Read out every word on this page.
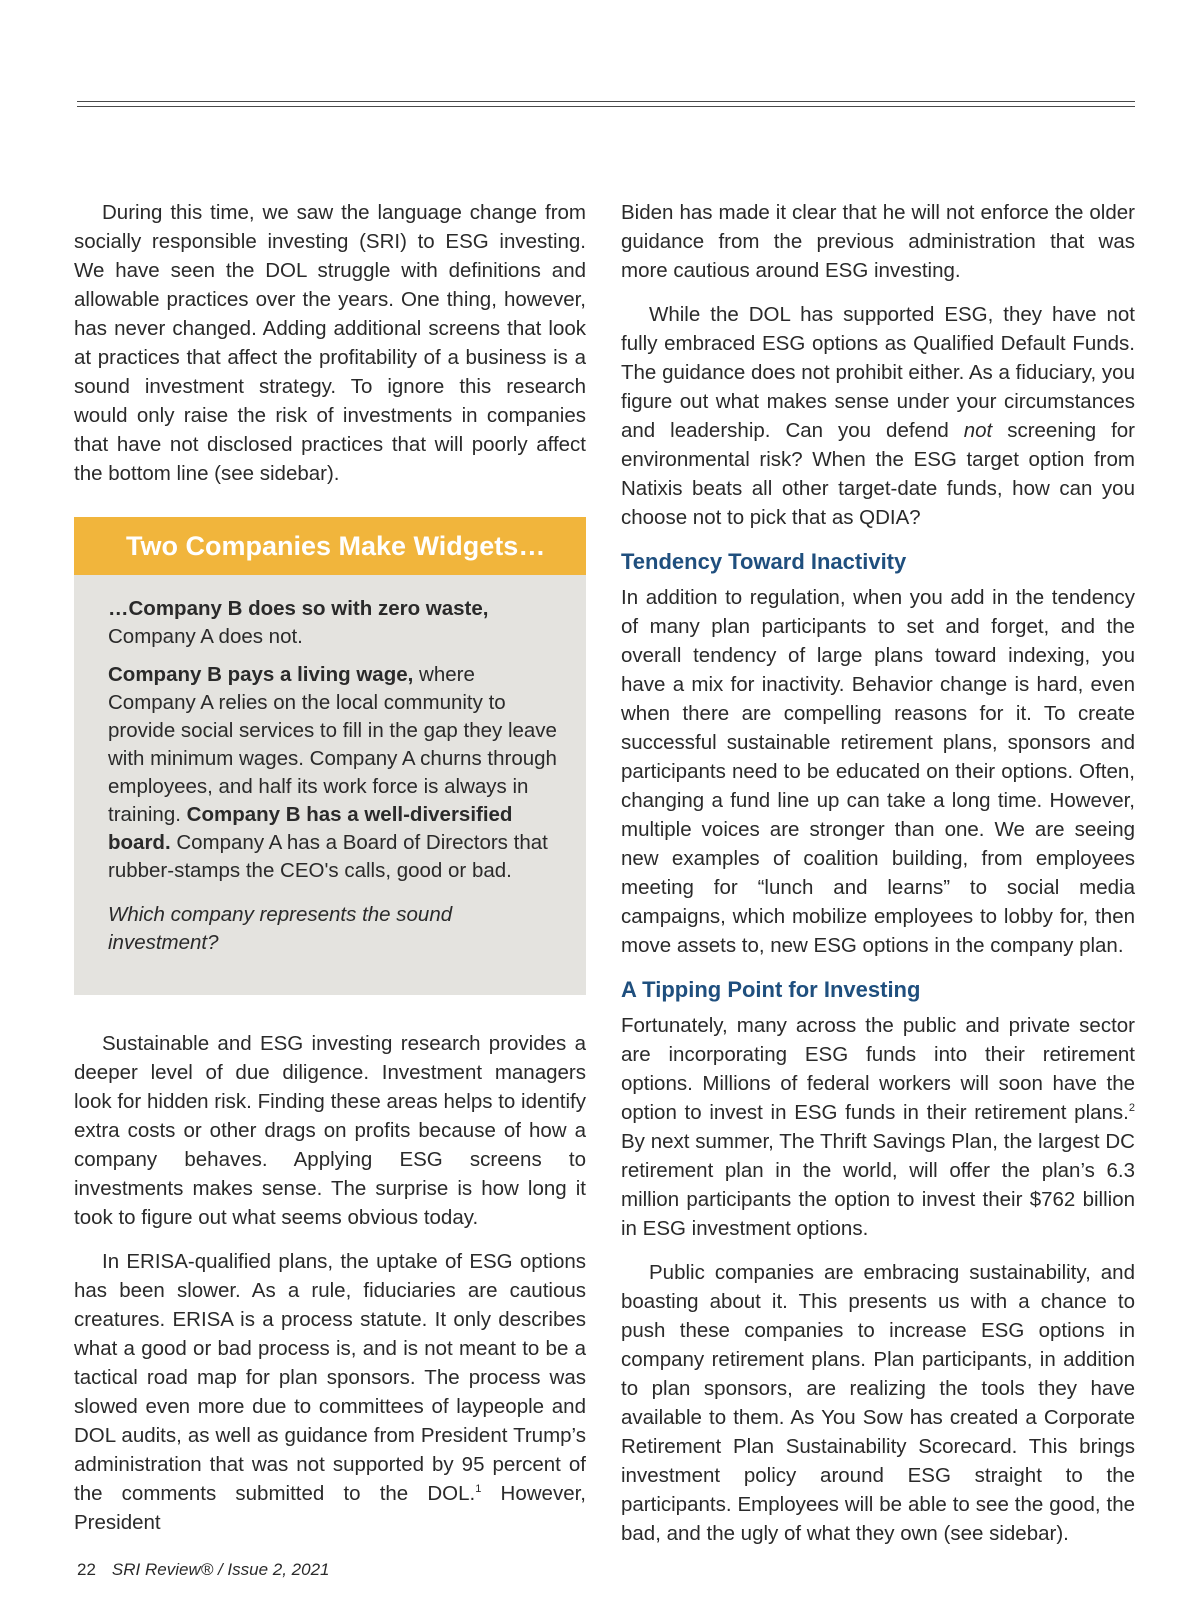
During this time, we saw the language change from socially responsible investing (SRI) to ESG investing. We have seen the DOL struggle with definitions and allowable practices over the years. One thing, however, has never changed. Adding additional screens that look at practices that affect the profitability of a business is a sound investment strategy. To ignore this research would only raise the risk of investments in companies that have not disclosed practices that will poorly affect the bottom line (see sidebar).

Two Companies Make Widgets…

…Company B does so with zero waste, Company A does not.

Company B pays a living wage, where Company A relies on the local community to provide social services to fill in the gap they leave with minimum wages. Company A churns through employees, and half its work force is always in training. Company B has a well-diversified board. Company A has a Board of Directors that rubber-stamps the CEO's calls, good or bad.

Which company represents the sound investment?

Sustainable and ESG investing research provides a deeper level of due diligence. Investment managers look for hidden risk. Finding these areas helps to identify extra costs or other drags on profits because of how a company behaves. Applying ESG screens to investments makes sense. The surprise is how long it took to figure out what seems obvious today.

In ERISA-qualified plans, the uptake of ESG options has been slower. As a rule, fiduciaries are cautious creatures. ERISA is a process statute. It only describes what a good or bad process is, and is not meant to be a tactical road map for plan sponsors. The process was slowed even more due to committees of laypeople and DOL audits, as well as guidance from President Trump’s administration that was not supported by 95 percent of the comments submitted to the DOL.$^1$ However, President

Biden has made it clear that he will not enforce the older guidance from the previous administration that was more cautious around ESG investing.

While the DOL has supported ESG, they have not fully embraced ESG options as Qualified Default Funds. The guidance does not prohibit either. As a fiduciary, you figure out what makes sense under your circumstances and leadership. Can you defend not screening for environmental risk? When the ESG target option from Natixis beats all other target-date funds, how can you choose not to pick that as QDIA?

Tendency Toward Inactivity

In addition to regulation, when you add in the tendency of many plan participants to set and forget, and the overall tendency of large plans toward indexing, you have a mix for inactivity. Behavior change is hard, even when there are compelling reasons for it. To create successful sustainable retirement plans, sponsors and participants need to be educated on their options. Often, changing a fund line up can take a long time. However, multiple voices are stronger than one. We are seeing new examples of coalition building, from employees meeting for “lunch and learns” to social media campaigns, which mobilize employees to lobby for, then move assets to, new ESG options in the company plan.

A Tipping Point for Investing

Fortunately, many across the public and private sector are incorporating ESG funds into their retirement options. Millions of federal workers will soon have the option to invest in ESG funds in their retirement plans.$^2$ By next summer, The Thrift Savings Plan, the largest DC retirement plan in the world, will offer the plan’s 6.3 million participants the option to invest their $762 billion in ESG investment options.

Public companies are embracing sustainability, and boasting about it. This presents us with a chance to push these companies to increase ESG options in company retirement plans. Plan participants, in addition to plan sponsors, are realizing the tools they have available to them. As You Sow has created a Corporate Retirement Plan Sustainability Scorecard. This brings investment policy around ESG straight to the participants. Employees will be able to see the good, the bad, and the ugly of what they own (see sidebar).

22 SRI Review® / Issue 2, 2021
